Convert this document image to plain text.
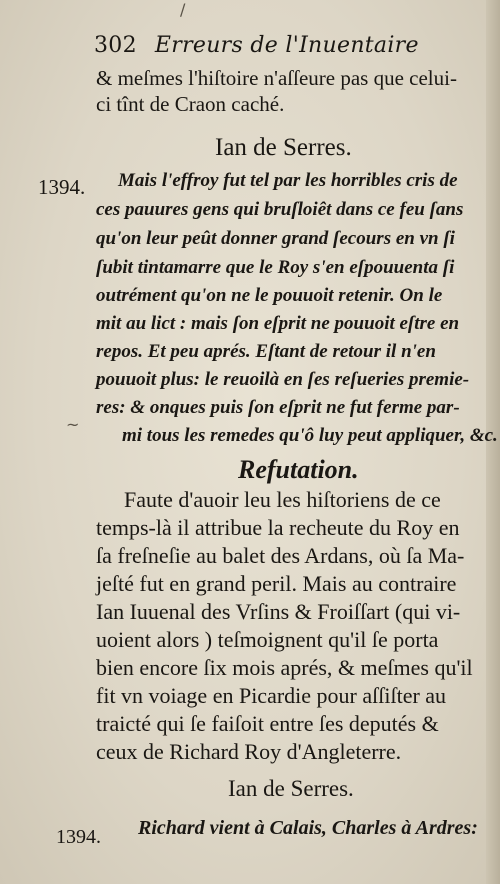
302 Erreurs de l'Inuentaire
& meſmes l'hiſtoire n'aſſeure pas que celui-
ci tînt de Craon caché.
Ian de Serres.
1394. Mais l'effroy fut tel par les horribles cris de
ces pauures gens qui bruſloiêt dans ce feu ſans
qu'on leur peût donner grand ſecours en vn ſi
ſubit tintamarre que le Roy s'en eſpouuenta ſi
outrément qu'on ne le pouuoit retenir. On le
mit au lict : mais ſon eſprit ne pouuoit eſtre en
repos. Et peu aprés. Eſtant de retour il n'en
pouuoit plus: le reuoilà en ſes reſueries premie-
res: & onques puis ſon eſprit ne fut ferme par-
mi tous les remedes qu'ô luy peut appliquer, &c.
Refutation.
Faute d'auoir leu les hiſtoriens de ce
temps-là il attribue la recheute du Roy en
ſa freſneſie au balet des Ardans, où ſa Ma-
jeſté fut en grand peril. Mais au contraire
Ian Iuuenal des Vrſins & Froiſſart (qui vi-
uoient alors ) teſmoignent qu'il ſe porta
bien encore ſix mois aprés, & meſmes qu'il
fit vn voiage en Picardie pour aſſiſter au
traicté qui ſe faiſoit entre ſes deputés &
ceux de Richard Roy d'Angleterre.
Ian de Serres.
1394. Richard vient à Calais, Charles à Ardres:
~
/
